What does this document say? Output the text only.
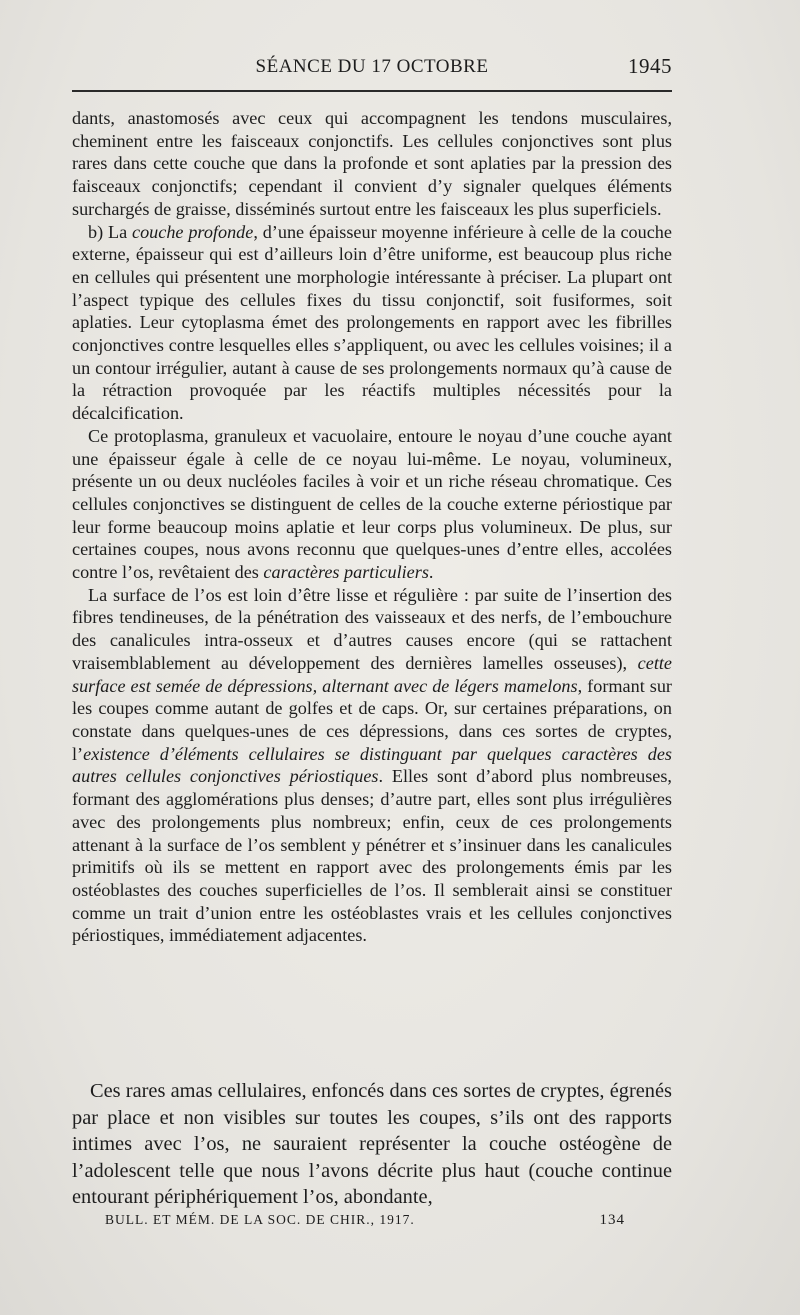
SÉANCE DU 17 OCTOBRE	1945

dants, anastomosés avec ceux qui accompagnent les tendons musculaires, cheminent entre les faisceaux conjonctifs. Les cellules conjonctives sont plus rares dans cette couche que dans la profonde et sont aplaties par la pression des faisceaux conjonctifs; cependant il convient d’y signaler quelques éléments surchargés de graisse, disséminés surtout entre les faisceaux les plus superficiels.

b) La couche profonde, d’une épaisseur moyenne inférieure à celle de la couche externe, épaisseur qui est d’ailleurs loin d’être uniforme, est beaucoup plus riche en cellules qui présentent une morphologie intéressante à préciser. La plupart ont l’aspect typique des cellules fixes du tissu conjonctif, soit fusiformes, soit aplaties. Leur cytoplasma émet des prolongements en rapport avec les fibrilles conjonctives contre lesquelles elles s’appliquent, ou avec les cellules voisines; il a un contour irrégulier, autant à cause de ses prolongements normaux qu’à cause de la rétraction provoquée par les réactifs multiples nécessités pour la décalcification.

Ce protoplasma, granuleux et vacuolaire, entoure le noyau d’une couche ayant une épaisseur égale à celle de ce noyau lui-même. Le noyau, volumineux, présente un ou deux nucléoles faciles à voir et un riche réseau chromatique. Ces cellules conjonctives se distinguent de celles de la couche externe périostique par leur forme beaucoup moins aplatie et leur corps plus volumineux. De plus, sur certaines coupes, nous avons reconnu que quelques-unes d’entre elles, accolées contre l’os, revêtaient des caractères particuliers.

La surface de l’os est loin d’être lisse et régulière : par suite de l’insertion des fibres tendineuses, de la pénétration des vaisseaux et des nerfs, de l’embouchure des canalicules intra-osseux et d’autres causes encore (qui se rattachent vraisemblablement au développement des dernières lamelles osseuses), cette surface est semée de dépressions, alternant avec de légers mamelons, formant sur les coupes comme autant de golfes et de caps. Or, sur certaines préparations, on constate dans quelques-unes de ces dépressions, dans ces sortes de cryptes, l’existence d’éléments cellulaires se distinguant par quelques caractères des autres cellules conjonctives périostiques. Elles sont d’abord plus nombreuses, formant des agglomérations plus denses; d’autre part, elles sont plus irrégulières avec des prolongements plus nombreux; enfin, ceux de ces prolongements attenant à la surface de l’os semblent y pénétrer et s’insinuer dans les canalicules primitifs où ils se mettent en rapport avec des prolongements émis par les ostéoblastes des couches superficielles de l’os. Il semblerait ainsi se constituer comme un trait d’union entre les ostéoblastes vrais et les cellules conjonctives périostiques, immédiatement adjacentes.

Ces rares amas cellulaires, enfoncés dans ces sortes de cryptes, égrenés par place et non visibles sur toutes les coupes, s’ils ont des rapports intimes avec l’os, ne sauraient représenter la couche ostéogène de l’adolescent telle que nous l’avons décrite plus haut (couche continue entourant périphériquement l’os, abondante,

BULL. ET MÉM. DE LA SOC. DE CHIR., 1917.	134
